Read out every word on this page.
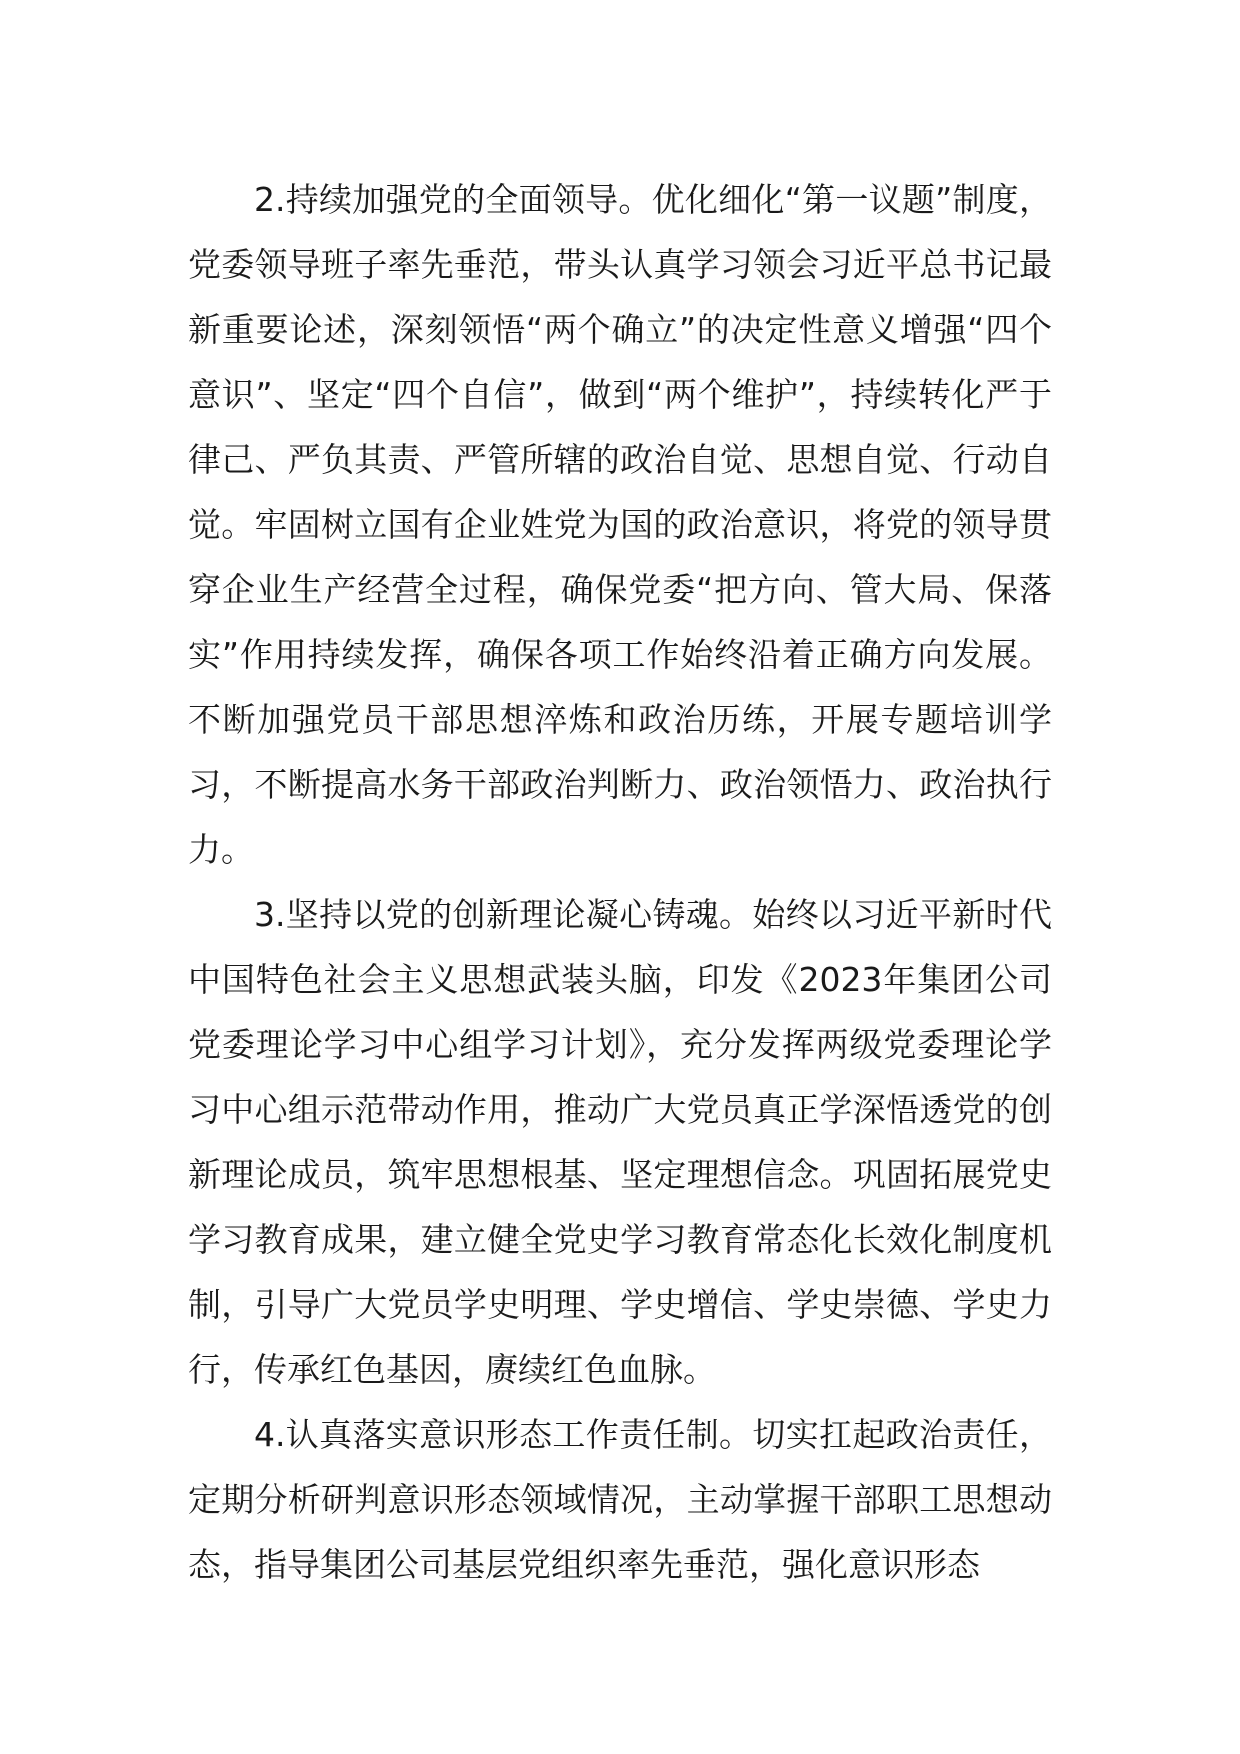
2.持续加强党的全面领导。优化细化“第一议题”制度，党委领导班子率先垂范，带头认真学习领会习近平总书记最新重要论述，深刻领悟“两个确立”的决定性意义增强“四个意识”、坚定“四个自信”，做到“两个维护”，持续转化严于律己、严负其责、严管所辖的政治自觉、思想自觉、行动自觉。牢固树立国有企业姓党为国的政治意识，将党的领导贯穿企业生产经营全过程，确保党委“把方向、管大局、保落实”作用持续发挥，确保各项工作始终沿着正确方向发展。不断加强党员干部思想淬炼和政治历练，开展专题培训学习，不断提高水务干部政治判断力、政治领悟力、政治执行力。

3.坚持以党的创新理论凝心铸魂。始终以习近平新时代中国特色社会主义思想武装头脑，印发《2023年集团公司党委理论学习中心组学习计划》，充分发挥两级党委理论学习中心组示范带动作用，推动广大党员真正学深悟透党的创新理论成员，筑牢思想根基、坚定理想信念。巩固拓展党史学习教育成果，建立健全党史学习教育常态化长效化制度机制，引导广大党员学史明理、学史增信、学史崇德、学史力行，传承红色基因，赓续红色血脉。

4.认真落实意识形态工作责任制。切实扛起政治责任，定期分析研判意识形态领域情况，主动掌握干部职工思想动态，指导集团公司基层党组织率先垂范，强化意识形态
